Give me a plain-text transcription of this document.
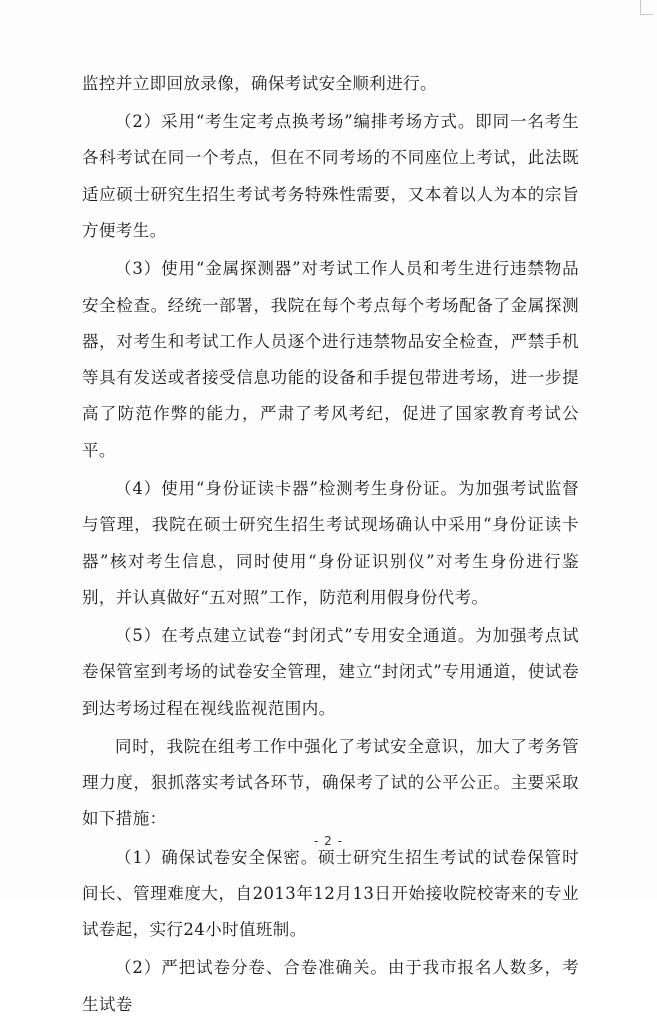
监控并立即回放录像，确保考试安全顺利进行。

（2）采用“考生定考点换考场”编排考场方式。即同一名考生各科考试在同一个考点，但在不同考场的不同座位上考试，此法既适应硕士研究生招生考试考务特殊性需要，又本着以人为本的宗旨方便考生。

（3）使用“金属探测器”对考试工作人员和考生进行违禁物品安全检查。经统一部署，我院在每个考点每个考场配备了金属探测器，对考生和考试工作人员逐个进行违禁物品安全检查，严禁手机等具有发送或者接受信息功能的设备和手提包带进考场，进一步提高了防范作弊的能力，严肃了考风考纪，促进了国家教育考试公平。

（4）使用“身份证读卡器”检测考生身份证。为加强考试监督与管理，我院在硕士研究生招生考试现场确认中采用“身份证读卡器”核对考生信息，同时使用“身份证识别仪”对考生身份进行鉴别，并认真做好“五对照”工作，防范利用假身份代考。

（5）在考点建立试卷“封闭式”专用安全通道。为加强考点试卷保管室到考场的试卷安全管理，建立“封闭式”专用通道，使试卷到达考场过程在视线监视范围内。

同时，我院在组考工作中强化了考试安全意识，加大了考务管理力度，狠抓落实考试各环节，确保考了试的公平公正。主要采取如下措施：

（1）确保试卷安全保密。硕士研究生招生考试的试卷保管时间长、管理难度大，自2013年12月13日开始接收院校寄来的专业试卷起，实行24小时值班制。

（2）严把试卷分卷、合卷准确关。由于我市报名人数多，考生试卷

- 2 -
